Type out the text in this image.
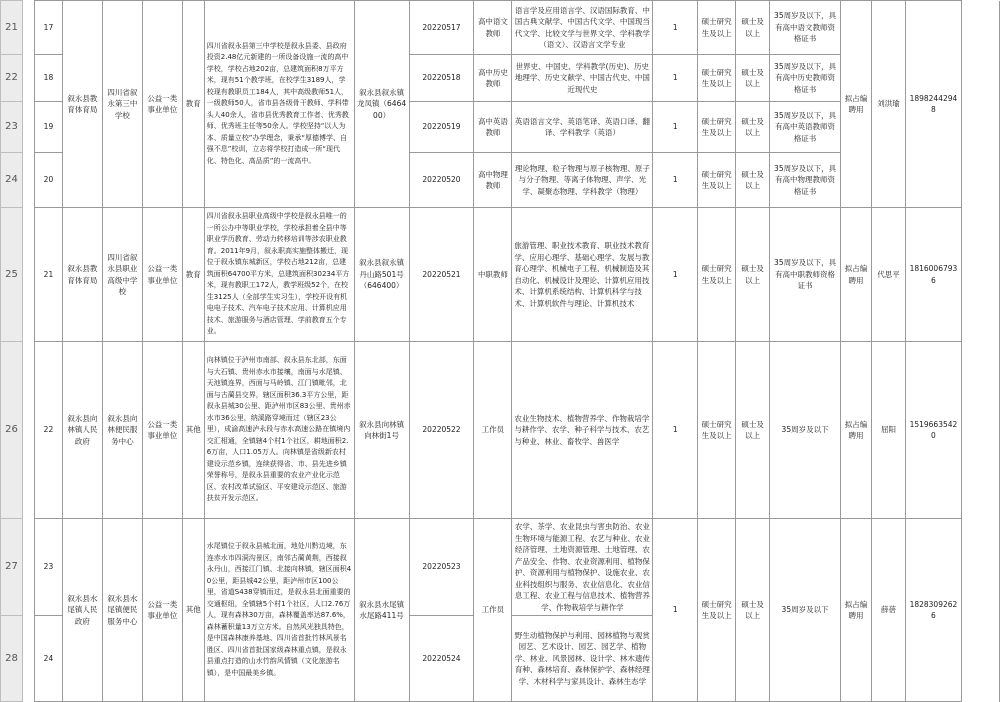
21		17	叙永县教育体育局	四川省叙永第三中学校	公益一类事业单位	教育	四川省叙永县第三中学校是叙永县委、县政府投资2.48亿元新建的一所设备设施一流的高中学校，学校占地202亩，总建筑面积8万平方米，现有51个教学班，在校学生3189人，学校现有教职员工184人，其中高级教师51人，一级教师50人，省市县各级骨干教师、学科带头人40余人，省市县优秀教育工作者、优秀教师、优秀班主任等50余人。学校坚持“以人为本、质量立校”办学理念，秉承“厚德博学、自强不息”校训，立志将学校打造成一所“现代化、特色化、高品质”的一流高中。	叙永县叙永镇龙凤镇（646400）	20220517	高中语文教师	语言学及应用语言学、汉语国际教育、中国古典文献学、中国古代文学、中国现当代文学、比较文学与世界文学、学科教学（语文）、汉语言文学专业	1	硕士研究生及以上	硕士及以上	35周岁及以下，具有高中语文教师资格证书	拟占编聘用	刘洪瑜	18982442948	
22		18							20220518	高中历史教师	世界史、中国史、学科教学(历史)、历史地理学、历史文献学、中国古代史、中国近现代史	1	硕士研究生及以上	硕士及以上	35周岁及以下，具有高中历史教师资格证书				
23		19							20220519	高中英语教师	英语语言文学、英语笔译、英语口译、翻译、学科教学（英语）	1	硕士研究生及以上	硕士及以上	35周岁及以下，具有高中英语教师资格证书				
24		20							20220520	高中物理教师	理论物理、粒子物理与原子核物理、原子与分子物理、等离子体物理、声学、光学、凝聚态物理、学科教学（物理）	1	硕士研究生及以上	硕士及以上	35周岁及以下，具有高中物理教师资格证书				
25		21	叙永县教育体育局	四川省叙永县职业高级中学校	公益一类事业单位	教育	四川省叙永县职业高级中学校是叙永县唯一的一所公办中等职业学校，学校承担着全县中等职业学历教育、劳动力转移培训等涉农职业教育。2011年9月，叙永职高实施整体搬迁，现位于叙永镇东城新区，学校占地212亩，总建筑面积64700平方米，总建筑面积30234平方米，现有教职工172人，教学班级52个，在校生3125人（全部学生实习生），学校开设有机电电子技术、汽车电子技术应用、计算机应用技术、旅游服务与酒店管理、学前教育五个专业。	叙永县叙永镇丹山路501号（646400）	20220521	中职教师	旅游管理、职业技术教育、职业技术教育学、应用心理学、基础心理学、发展与教育心理学、机械电子工程、机械制造及其自动化、机械设计及理论、计算机应用技术、计算机系统结构、计算机科学与技术、计算机软件与理论、计算机技术	1	硕士研究生及以上	硕士及以上	35周岁及以下，具有高中职教师资格证书	拟占编聘用	代思平	18160067936	
26		22	叙永县向林镇人民政府	叙永县向林便民服务中心	公益一类事业单位	其他	向林镇位于泸州市南部、叙永县东北部，东面与大石镇、贵州赤水市接壤，南面与水尾镇、天池镇连界，西面与马岭镇、江门镇毗邻，北面与古蔺县交界，辖区面积36.3平方公里，距叙永县城30公里、距泸州市区83公里、贵州赤水市36公里，纳溪路穿境而过（辖区23公里），成渝高速泸永段与赤水高速公路在镇境内交汇相通，全镇辖4个村1个社区，耕地面积2.6万亩，人口1.05万人。向林镇是省级新农村建设示范乡镇，连续获得省、市、县先进乡镇荣誉称号，是叙永县重要的农业产业化示范区、农村改革试验区、平安建设示范区、旅游扶贫开发示范区。	叙永县向林镇向林街1号	20220522	工作员	农业生物技术、植物营养学、作物栽培学与耕作学、农学、种子科学与技术、农艺与种业、林业、畜牧学、兽医学	1	硕士研究生及以上	硕士及以上	35周岁及以下	拟占编聘用	屈阳	15196635420	
27		23	叙永县水尾镇人民政府	叙永县水尾镇便民服务中心	公益一类事业单位	其他	水尾镇位于叙永县城北面，地处川黔边境，东连赤水市四洞沟景区，南邻古蔺黄荆，西接叙永丹山，西接江门镇、北接向林镇，辖区面积40公里，距县城42公里，距泸州市区100公里，省道S438穿镇而过，是叙永县北面重要的交通枢纽，全镇辖5个村1个社区，人口2.76万人，现有森林30万亩，森林覆盖率达87.6%，森林蓄积量13万立方米。自然风光独具特色，是中国森林康养基地、四川省首批竹林风景名胜区、四川省首批国家级森林重点镇，是叙永县重点打造的山水竹韵风情镇（文化旅游名镇），是中国最美乡镇。	叙永县水尾镇水尾路411号	20220523	工作员	农学、茶学、农业昆虫与害虫防治、农业生物环境与能源工程、农艺与种业、农业经济管理、土地资源管理、土地管理、农产品安全、作物、农业资源利用、植物保护、资源利用与植物保护、设施农业、农业科技组织与服务、农业信息化、农业信息工程、农业工程与信息技术、植物营养学、作物栽培学与耕作学	1	硕士研究生及以上	硕士及以上	35周岁及以下	拟占编聘用	薛蓓	18283092626	
28		24							20220524		野生动植物保护与利用、园林植物与观赏园艺、艺术设计、园艺、园艺学、植物学、林业、风景园林、设计学、林木遗传育种、森林培育、森林保护学、森林经理学、木材科学与家具设计、森林生态学								
